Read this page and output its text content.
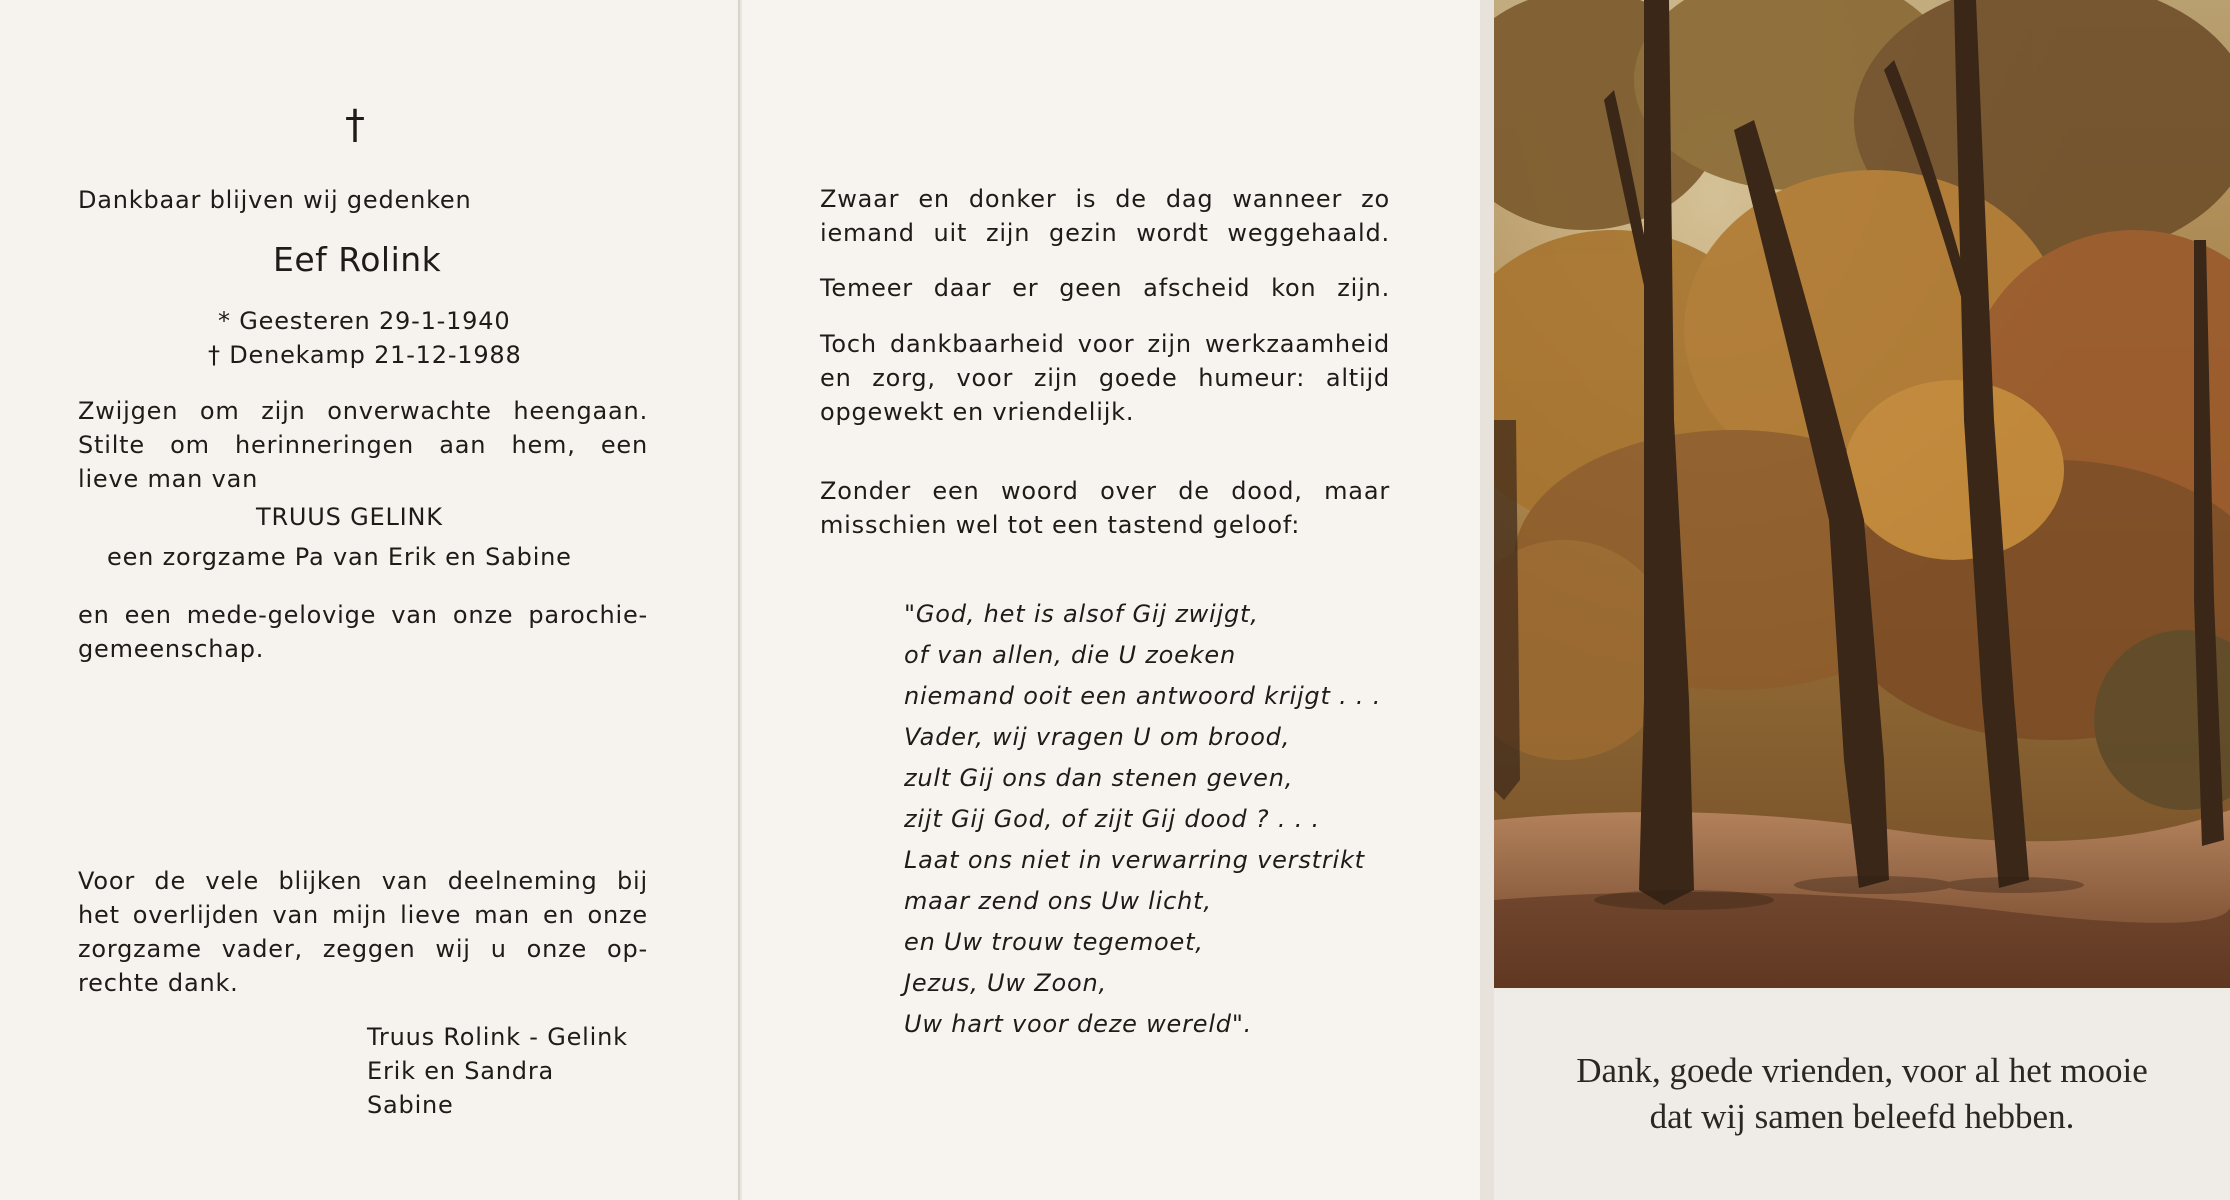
†
Dankbaar blijven wij gedenken
Eef Rolink
* Geesteren 29-1-1940
† Denekamp 21-12-1988
Zwijgen om zijn onverwachte heengaan.
Stilte om herinneringen aan hem, een
lieve man van
TRUUS GELINK
een zorgzame Pa van Erik en Sabine
en een mede-gelovige van onze parochie-
gemeenschap.
Voor de vele blijken van deelneming bij
het overlijden van mijn lieve man en onze
zorgzame vader, zeggen wij u onze op-
rechte dank.
Truus Rolink - Gelink
Erik en Sandra
Sabine
Zwaar en donker is de dag wanneer zo
iemand uit zijn gezin wordt weggehaald.
Temeer daar er geen afscheid kon zijn.
Toch dankbaarheid voor zijn werkzaamheid
en zorg, voor zijn goede humeur: altijd
opgewekt en vriendelijk.
Zonder een woord over de dood, maar
misschien wel tot een tastend geloof:
"God, het is alsof Gij zwijgt,
of van allen, die U zoeken
niemand ooit een antwoord krijgt . . .
Vader, wij vragen U om brood,
zult Gij ons dan stenen geven,
zijt Gij God, of zijt Gij dood ? . . .
Laat ons niet in verwarring verstrikt
maar zend ons Uw licht,
en Uw trouw tegemoet,
Jezus, Uw Zoon,
Uw hart voor deze wereld".
Dank, goede vrienden, voor al het mooie
dat wij samen beleefd hebben.
